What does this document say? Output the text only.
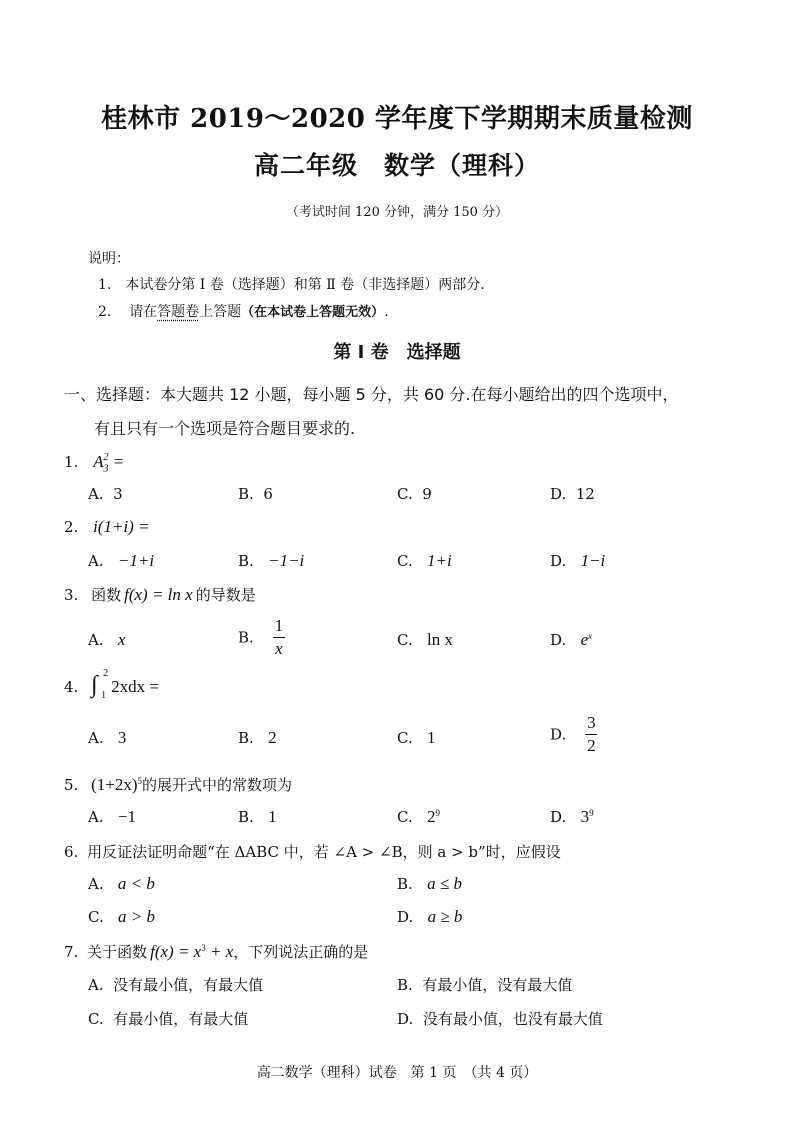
桂林市 2019～2020 学年度下学期期末质量检测
高二年级　数学（理科）
（考试时间 120 分钟，满分 150 分）
说明：
1.　本试卷分第 Ⅰ 卷（选择题）和第 Ⅱ 卷（非选择题）两部分.
2. 请在答题卷上答题（在本试卷上答题无效）.
第 I 卷　选择题
一、选择题：本大题共 12 小题，每小题 5 分，共 60 分.在每小题给出的四个选项中，
有且只有一个选项是符合题目要求的.
1. $A_3^2$ =
A. 3	B. 6	C. 9	D. 12
2. i(1+i) =
A. −1+i	B. −1−i	C. 1+i	D. 1−i
3. 函数 f(x) = ln x 的导数是
A. x	B. $\frac{1}{x}$	C. ln x	D. $e^x$
4. ∫ 2
1 2xdx =
A. 3	B. 2	C. 1	D. $\frac{3}{2}$
5. $(1+2x)^5$的展开式中的常数项为
A. −1	B. 1	C. $2^9$	D. $3^9$
6. 用反证法证明命题“在 ΔABC 中，若 ∠A > ∠B，则 a > b”时，应假设
A. a < b	B. a ≤ b
C. a > b	D. a ≥ b
7. 关于函数 $f(x) = x^3 + x$，下列说法正确的是
A. 没有最小值，有最大值	B. 有最小值，没有最大值
C. 有最小值，有最大值	D. 没有最小值，也没有最大值
高二数学（理科）试卷　第 1 页　（共 4 页）
